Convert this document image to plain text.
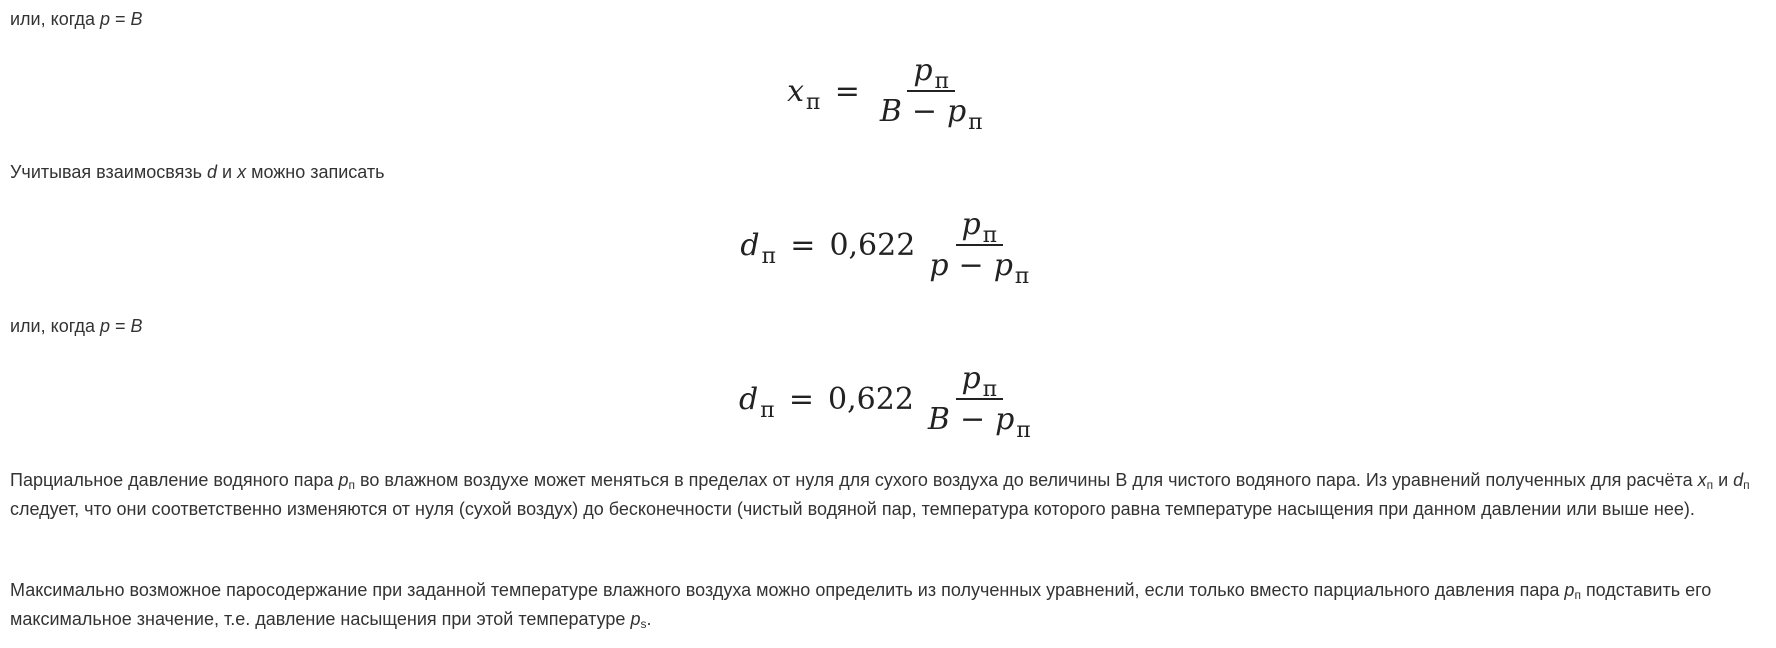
или, когда p = B

x $п = \frac{\text{p п}}{\text{B − p п}}$

Учитывая взаимосвязь d и x можно записать

d $п = 0,622 \frac{\text{p п}}{\text{p − p п}}$

или, когда p = B

d $п = 0,622 \frac{\text{p п}}{\text{B − p п}}$

Парциальное давление водяного пара $p_п$ во влажном воздухе может меняться в пределах от нуля для сухого воздуха до величины В для чистого водяного пара. Из уравнений полученных для расчёта $x_п$ и $d_п$ следует, что они соответственно изменяются от нуля (сухой воздух) до бесконечности (чистый водяной пар, температура которого равна температуре насыщения при данном давлении или выше нее).

Максимально возможное паросодержание при заданной температуре влажного воздуха можно определить из полученных уравнений, если только вместо парциального давления пара $p_п$ подставить его максимальное значение, т.е. давление насыщения при этой температуре $p_s$.
